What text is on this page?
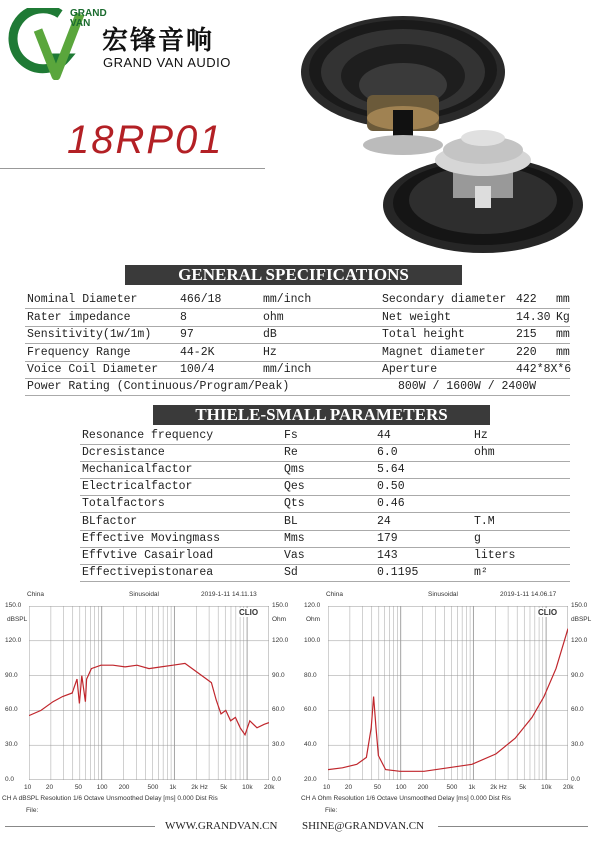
GRAND
VAN
宏锋音响
GRAND VAN AUDIO
18RP01
GENERAL SPECIFICATIONS
Nominal Diameter	466/18	mm/inch	Secondary diameter 422 mm
Rater impedance	8	ohm	Net weight	14.30 Kg
Sensitivity(1w/1m)	97	dB	Total height	215 mm
Frequency Range	44-2K	Hz	Magnet diameter	220 mm
Voice Coil Diameter 100/4	mm/inch	Aperture	442*8X*6
Power Rating (Continuous/Program/Peak)	800W / 1600W / 2400W
THIELE-SMALL PARAMETERS
Resonance frequency	Fs	44	Hz
Dcresistance	Re	6.0	ohm
Mechanicalfactor	Qms	5.64
Electricalfactor	Qes	0.50
Totalfactors	Qts	0.46
BLfactor	BL	24	T.M
Effective Movingmass	Mms	179	g
Effvtive Casairload	Vas	143	liters
Effectivepistonarea	Sd	0.1195	m²
China	Sinusoidal	2019-1-11 14.11.13
CLIO
dBSPL	Ohm
150.0
120.0
90.0
60.0
30.0
0.0
150.0
120.0
90.0
60.0
30.0
0.0
10 20	50 100 200	500 1k 2k Hz 5k 10k 20k
CH A dBSPL Resolution 1/6 Octave Unsmoothed Delay [ms] 0.000 Dist Ris
File:
China	Sinusoidal	2019-1-11 14.06.17
CLIO
Ohm	dBSPL
120.0
100.0
80.0
60.0
40.0
20.0
150.0
120.0
90.0
60.0
30.0
0.0
10 20	50 100 200	500 1k 2k Hz 5k 10k 20k
CH A Ohm Resolution 1/6 Octave Unsmoothed Delay [ms] 0.000 Dist Ris
File:
WWW.GRANDVAN.CN SHINE@GRANDVAN.CN
